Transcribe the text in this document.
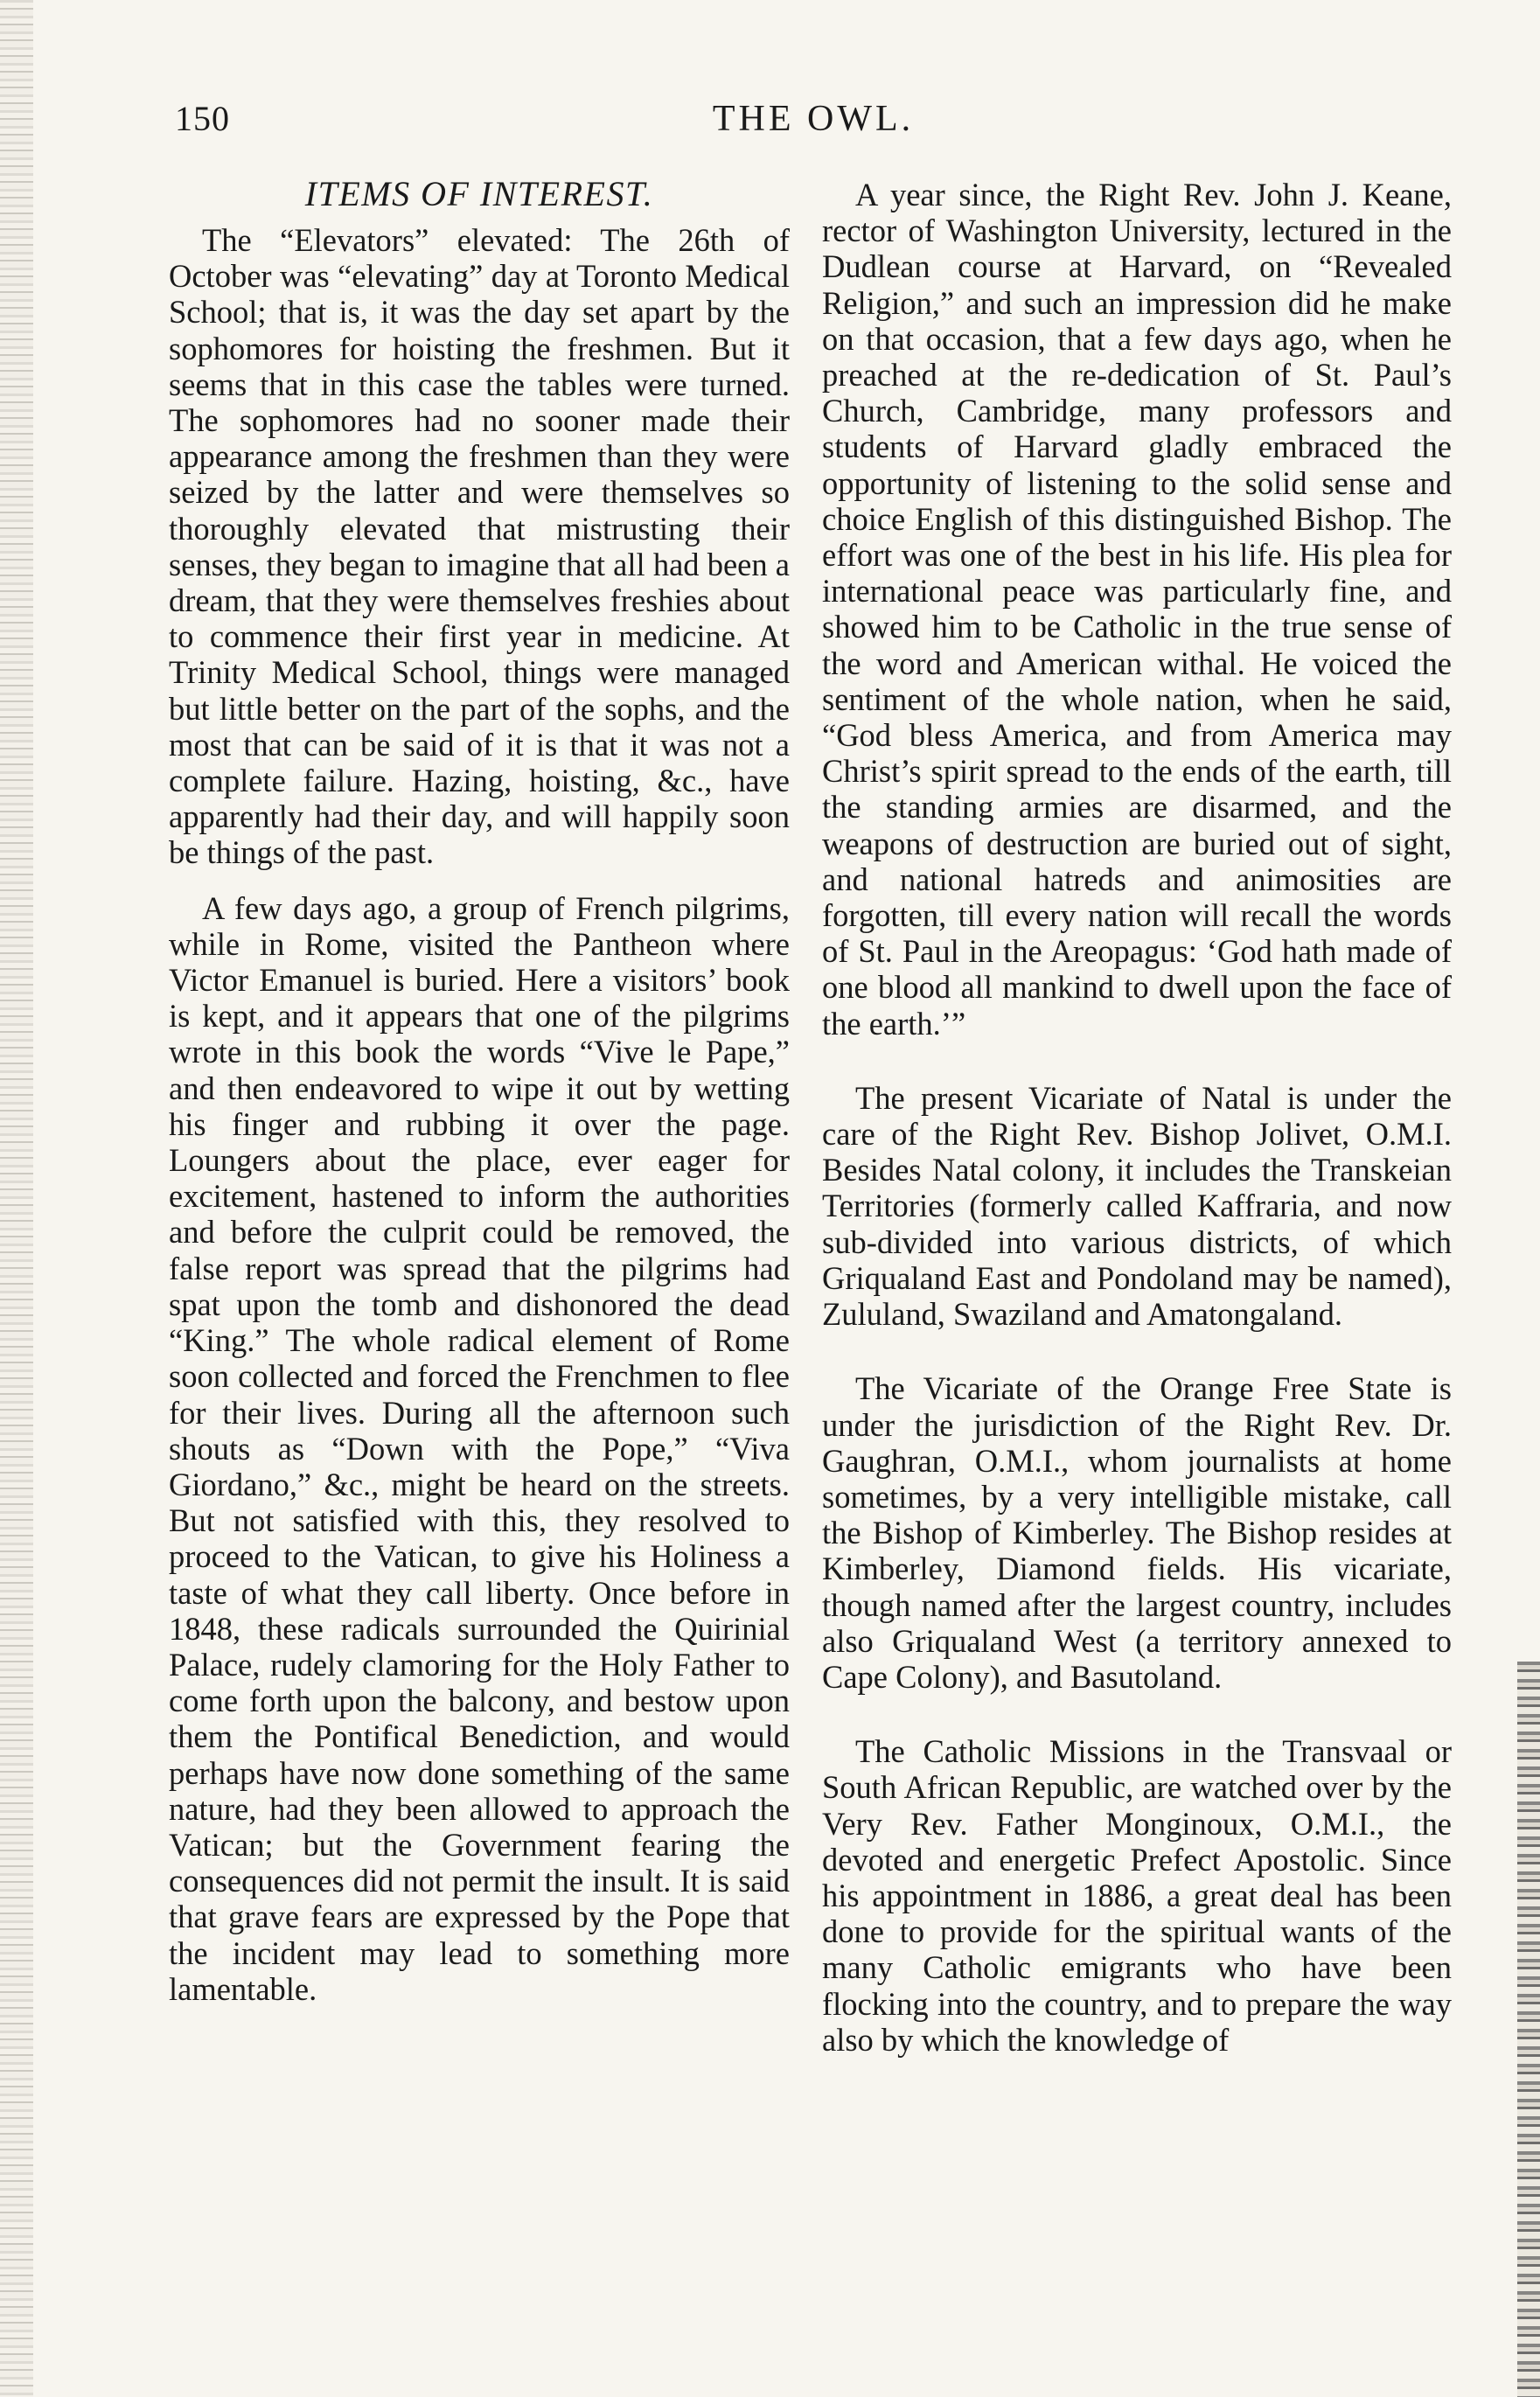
150	THE OWL.
ITEMS OF INTEREST.

The “Elevators” elevated: The 26th of October was “elevating” day at Toronto Medical School; that is, it was the day set apart by the sophomores for hoisting the freshmen. But it seems that in this case the tables were turned. The sophomores had no sooner made their appearance among the freshmen than they were seized by the latter and were themselves so thoroughly elevated that mistrusting their senses, they began to imagine that all had been a dream, that they were themselves freshies about to commence their first year in medicine. At Trinity Medical School, things were managed but little better on the part of the sophs, and the most that can be said of it is that it was not a complete failure. Hazing, hoisting, &c., have apparently had their day, and will happily soon be things of the past.

A few days ago, a group of French pilgrims, while in Rome, visited the Pantheon where Victor Emanuel is buried. Here a visitors’ book is kept, and it appears that one of the pilgrims wrote in this book the words “Vive le Pape,” and then endeavored to wipe it out by wetting his finger and rubbing it over the page. Loungers about the place, ever eager for excitement, hastened to inform the authorities and before the culprit could be removed, the false report was spread that the pilgrims had spat upon the tomb and dishonored the dead “King.” The whole radical element of Rome soon collected and forced the Frenchmen to flee for their lives. During all the afternoon such shouts as “Down with the Pope,” “Viva Giordano,” &c., might be heard on the streets. But not satisfied with this, they resolved to proceed to the Vatican, to give his Holiness a taste of what they call liberty. Once before in 1848, these radicals surrounded the Quirinial Palace, rudely clamoring for the Holy Father to come forth upon the balcony, and bestow upon them the Pontifical Benediction, and would perhaps have now done something of the same nature, had they been allowed to approach the Vatican; but the Government fearing the consequences did not permit the insult. It is said that grave fears are expressed by the Pope that the incident may lead to something more lamentable.

A year since, the Right Rev. John J. Keane, rector of Washington University, lectured in the Dudlean course at Harvard, on “Revealed Religion,” and such an impression did he make on that occasion, that a few days ago, when he preached at the re-dedication of St. Paul’s Church, Cambridge, many professors and students of Harvard gladly embraced the opportunity of listening to the solid sense and choice English of this distinguished Bishop. The effort was one of the best in his life. His plea for international peace was particularly fine, and showed him to be Catholic in the true sense of the word and American withal. He voiced the sentiment of the whole nation, when he said, “God bless America, and from America may Christ’s spirit spread to the ends of the earth, till the standing armies are disarmed, and the weapons of destruction are buried out of sight, and national hatreds and animosities are forgotten, till every nation will recall the words of St. Paul in the Areopagus: ‘God hath made of one blood all mankind to dwell upon the face of the earth.’”

The present Vicariate of Natal is under the care of the Right Rev. Bishop Jolivet, O.M.I. Besides Natal colony, it includes the Transkeian Territories (formerly called Kaffraria, and now sub-divided into various districts, of which Griqualand East and Pondoland may be named), Zululand, Swaziland and Amatongaland.

The Vicariate of the Orange Free State is under the jurisdiction of the Right Rev. Dr. Gaughran, O.M.I., whom journalists at home sometimes, by a very intelligible mistake, call the Bishop of Kimberley. The Bishop resides at Kimberley, Diamond fields. His vicariate, though named after the largest country, includes also Griqualand West (a territory annexed to Cape Colony), and Basutoland.

The Catholic Missions in the Transvaal or South African Republic, are watched over by the Very Rev. Father Monginoux, O.M.I., the devoted and energetic Prefect Apostolic. Since his appointment in 1886, a great deal has been done to provide for the spiritual wants of the many Catholic emigrants who have been flocking into the country, and to prepare the way also by which the knowledge of
